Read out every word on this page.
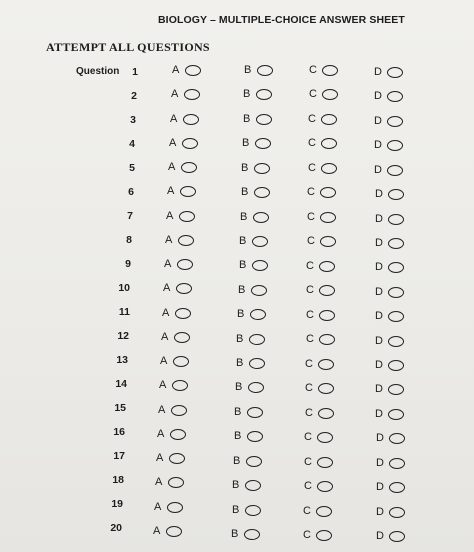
BIOLOGY – MULTIPLE-CHOICE ANSWER SHEET
ATTEMPT ALL QUESTIONS
Question	1	A	B	C	D
2	A	B	C	D
3	A	B	C	D
4	A	B	C	D
5	A	B	C	D
6	A	B	C	D
7	A	B	C	D
8	A	B	C	D
9	A	B	C	D
10	A	B	C	D
11	A	B	C	D
12	A	B	C	D
13	A	B	C	D
14	A	B	C	D
15	A	B	C	D
16	A	B	C	D
17	A	B	C	D
18	A	B	C	D
19	A	B	C	D
20	A	B	C	D
